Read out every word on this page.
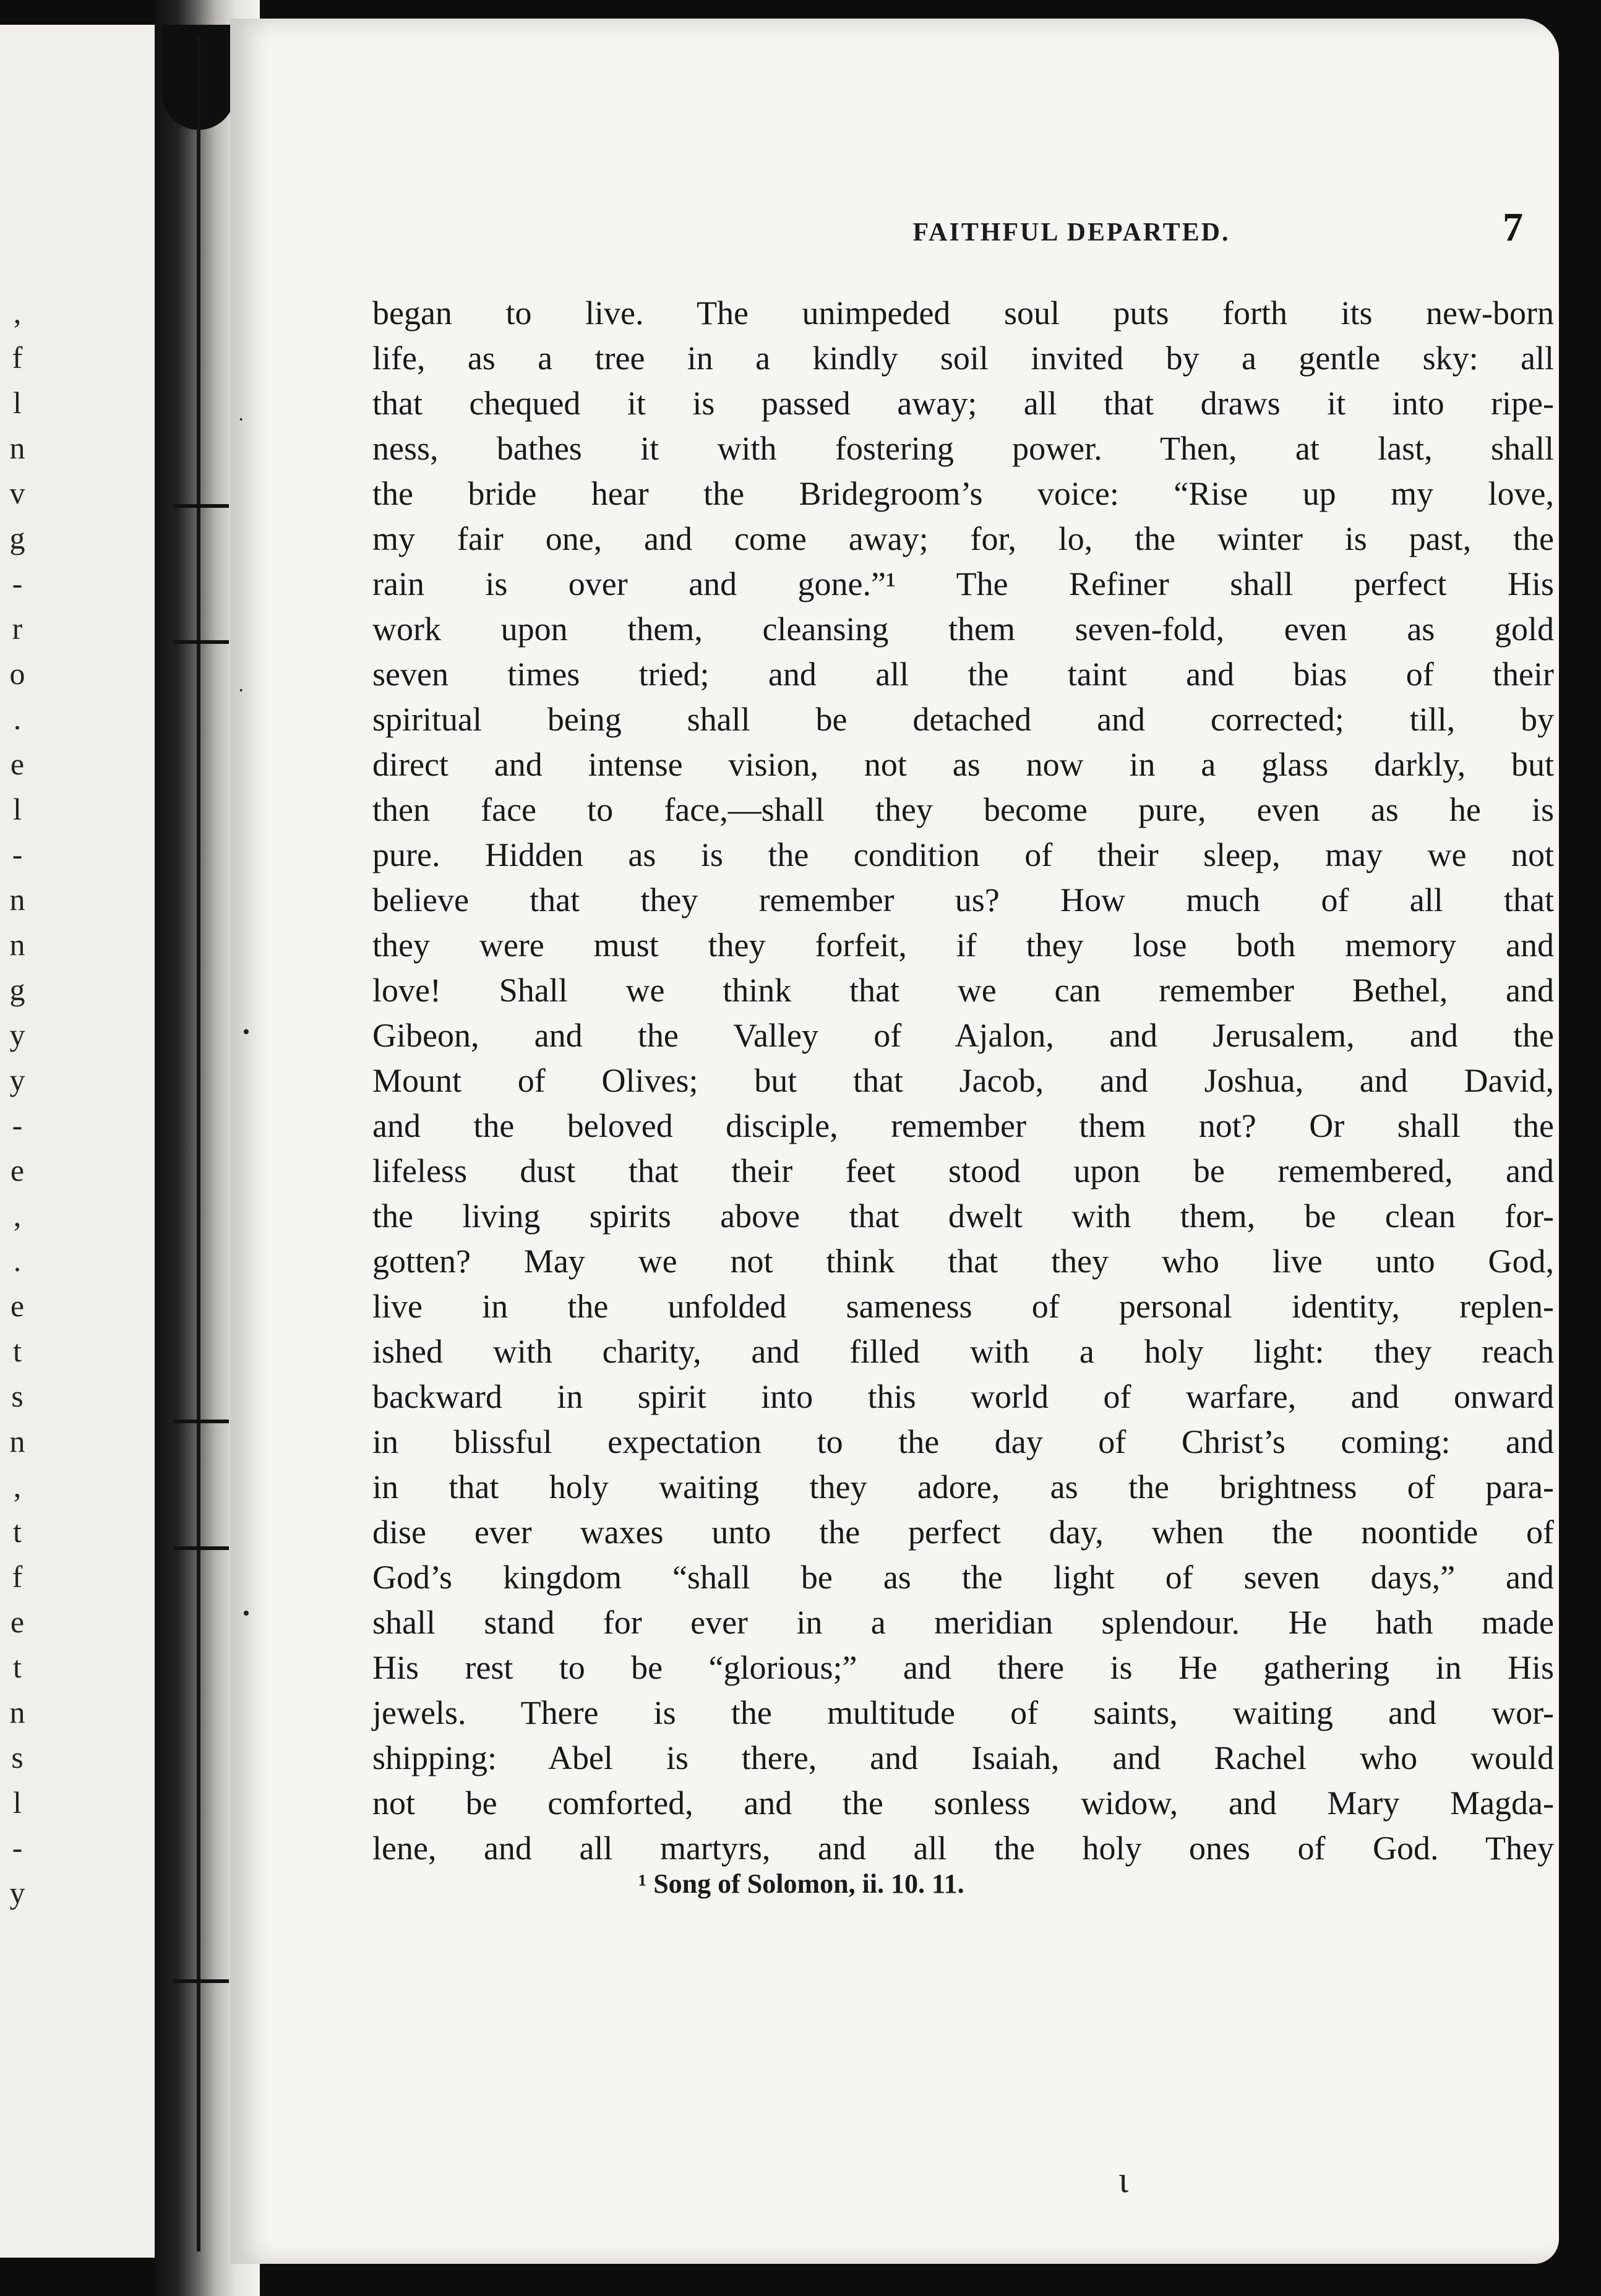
,
f
l
n
v
g
-
r
o
.
e
l
-
n
n
g
y
y
-
e
,
.
e
t
s
n
,
t
f
e
t
n
s
l
-
y
FAITHFUL DEPARTED.	7
began to live. The unimpeded soul puts forth its new-born
life, as a tree in a kindly soil invited by a gentle sky: all
that chequed it is passed away; all that draws it into ripe-
ness, bathes it with fostering power. Then, at last, shall
the bride hear the Bridegroom’s voice: “Rise up my love,
my fair one, and come away; for, lo, the winter is past, the
rain is over and gone.”¹ The Refiner shall perfect His
work upon them, cleansing them seven-fold, even as gold
seven times tried; and all the taint and bias of their
spiritual being shall be detached and corrected; till, by
direct and intense vision, not as now in a glass darkly, but
then face to face,—shall they become pure, even as he is
pure. Hidden as is the condition of their sleep, may we not
believe that they remember us? How much of all that
they were must they forfeit, if they lose both memory and
love! Shall we think that we can remember Bethel, and
Gibeon, and the Valley of Ajalon, and Jerusalem, and the
Mount of Olives; but that Jacob, and Joshua, and David,
and the beloved disciple, remember them not? Or shall the
lifeless dust that their feet stood upon be remembered, and
the living spirits above that dwelt with them, be clean for-
gotten? May we not think that they who live unto God,
live in the unfolded sameness of personal identity, replen-
ished with charity, and filled with a holy light: they reach
backward in spirit into this world of warfare, and onward
in blissful expectation to the day of Christ’s coming: and
in that holy waiting they adore, as the brightness of para-
dise ever waxes unto the perfect day, when the noontide of
God’s kingdom “shall be as the light of seven days,” and
shall stand for ever in a meridian splendour. He hath made
His rest to be “glorious;” and there is He gathering in His
jewels. There is the multitude of saints, waiting and wor-
shipping: Abel is there, and Isaiah, and Rachel who would
not be comforted, and the sonless widow, and Mary Magda-
lene, and all martyrs, and all the holy ones of God. They
¹ Song of Solomon, ii. 10. 11.
·
·
•
•
ɩ
